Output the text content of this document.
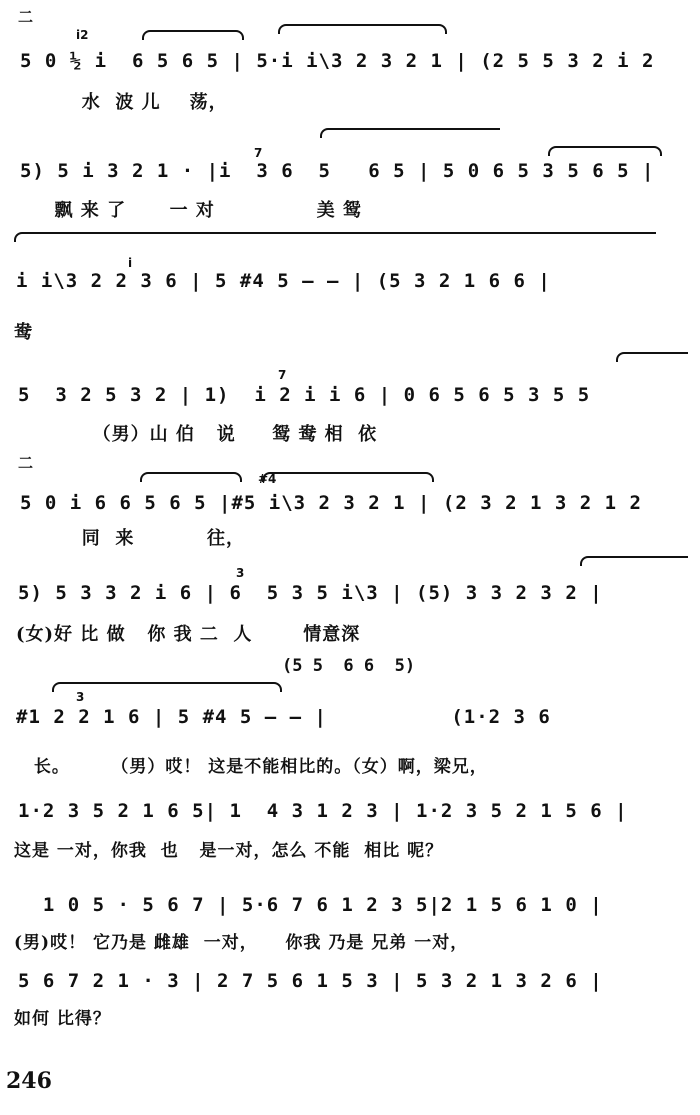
二
i2
5 0 ½ i  6 5 6 5 | 5·i i\3 2 3 2 1 | (2 5 5 3 2 i 2
水  波 儿    荡，
7
5) 5 i 3 2 1 · |i  3 6  5   6 5 | 5 0 6 5 3 5 6 5 |
飘 来 了      一 对              美 鸳
i
i i\3 2 2 3 6 | 5 #4 5 — — | (5 3 2 1 6 6 |
鸯
7
5  3 2 5 3 2 | 1)  i 2 i i 6 | 0 6 5 6 5 3 5 5
（男）山 伯   说     鸳 鸯 相  依
二
#4
5 0 i 6 6 5 6 5 |#5 i\3 2 3 2 1 | (2 3 2 1 3 2 1 2
同  来          往，
3
5) 5 3 3 2 i 6 | 6  5 3 5 i\3 | (5) 3 3 2 3 2 |
(女)好 比 做   你 我 二  人       情意深
(5 5  6 6  5)
3
#1 2 2 1 6 | 5 #4 5 — — |          (1·2 3 6
长。      （男）哎！ 这是不能相比的。（女）啊，梁兄，
1·2 3 5 2 1 6 5| 1  4 3 1 2 3 | 1·2 3 5 2 1 5 6 |
这是 一对，你我  也   是一对，怎么 不能  相比 呢？
1 0 5 · 5 6 7 | 5·6 7 6 1 2 3 5|2 1 5 6 1 0 |
(男)哎！ 它乃是 雌雄  一对，    你我 乃是 兄弟 一对，
5 6 7 2 1 · 3 | 2 7 5 6 1 5 3 | 5 3 2 1 3 2 6 |
如何 比得？
246
